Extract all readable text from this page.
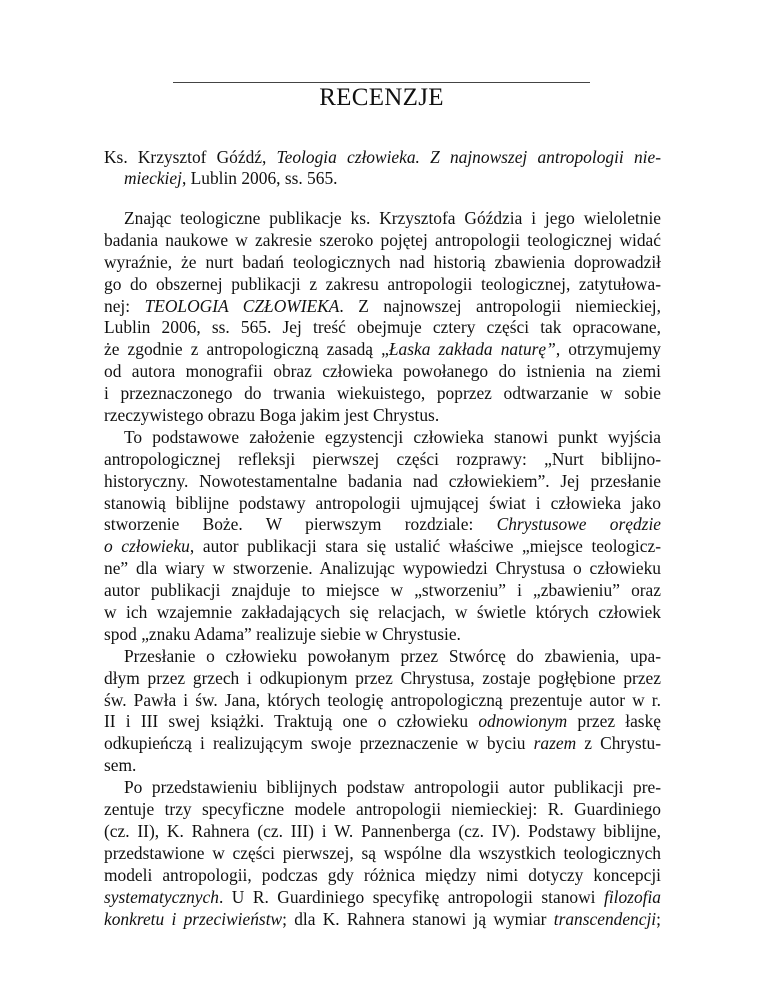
RECENZJE
Ks. Krzysztof Góźdź, Teologia człowieka. Z najnowszej antropologii nie-
mieckiej, Lublin 2006, ss. 565.
Znając teologiczne publikacje ks. Krzysztofa Góździa i jego wieloletnie
badania naukowe w zakresie szeroko pojętej antropologii teologicznej widać
wyraźnie, że nurt badań teologicznych nad historią zbawienia doprowadził
go do obszernej publikacji z zakresu antropologii teologicznej, zatytułowa-
nej: TEOLOGIA CZŁOWIEKA. Z najnowszej antropologii niemieckiej,
Lublin 2006, ss. 565. Jej treść obejmuje cztery części tak opracowane,
że zgodnie z antropologiczną zasadą „Łaska zakłada naturę”, otrzymujemy
od autora monografii obraz człowieka powołanego do istnienia na ziemi
i przeznaczonego do trwania wiekuistego, poprzez odtwarzanie w sobie
rzeczywistego obrazu Boga jakim jest Chrystus.
To podstawowe założenie egzystencji człowieka stanowi punkt wyjścia
antropologicznej refleksji pierwszej części rozprawy: „Nurt biblijno-
historyczny. Nowotestamentalne badania nad człowiekiem”. Jej przesłanie
stanowią biblijne podstawy antropologii ujmującej świat i człowieka jako
stworzenie Boże. W pierwszym rozdziale: Chrystusowe orędzie
o człowieku, autor publikacji stara się ustalić właściwe „miejsce teologicz-
ne” dla wiary w stworzenie. Analizując wypowiedzi Chrystusa o człowieku
autor publikacji znajduje to miejsce w „stworzeniu” i „zbawieniu” oraz
w ich wzajemnie zakładających się relacjach, w świetle których człowiek
spod „znaku Adama” realizuje siebie w Chrystusie.
Przesłanie o człowieku powołanym przez Stwórcę do zbawienia, upa-
dłym przez grzech i odkupionym przez Chrystusa, zostaje pogłębione przez
św. Pawła i św. Jana, których teologię antropologiczną prezentuje autor w r.
II i III swej książki. Traktują one o człowieku odnowionym przez łaskę
odkupieńczą i realizującym swoje przeznaczenie w byciu razem z Chrystu-
sem.
Po przedstawieniu biblijnych podstaw antropologii autor publikacji pre-
zentuje trzy specyficzne modele antropologii niemieckiej: R. Guardiniego
(cz. II), K. Rahnera (cz. III) i W. Pannenberga (cz. IV). Podstawy biblijne,
przedstawione w części pierwszej, są wspólne dla wszystkich teologicznych
modeli antropologii, podczas gdy różnica między nimi dotyczy koncepcji
systematycznych. U R. Guardiniego specyfikę antropologii stanowi filozofia
konkretu i przeciwieństw; dla K. Rahnera stanowi ją wymiar transcendencji;
